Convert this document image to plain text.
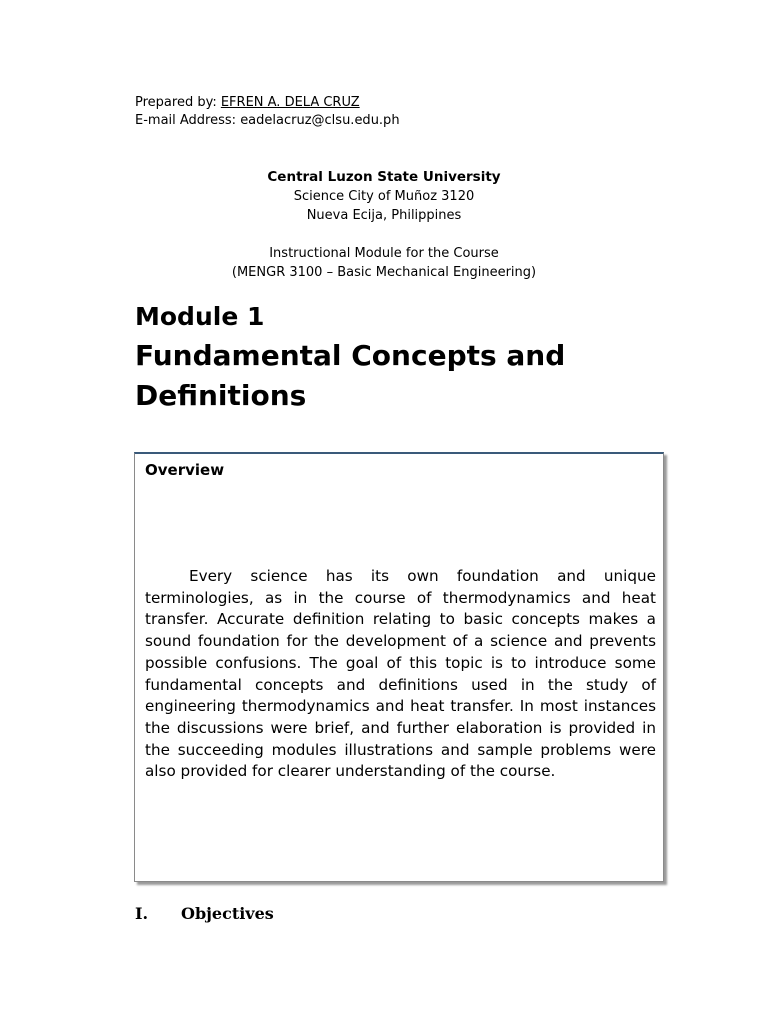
Prepared by: EFREN A. DELA CRUZ
E-mail Address: eadelacruz@clsu.edu.ph
Central Luzon State University
Science City of Muñoz 3120
Nueva Ecija, Philippines
Instructional Module for the Course
(MENGR 3100 – Basic Mechanical Engineering)
Module 1
Fundamental Concepts and Definitions
Overview
Every science has its own foundation and unique terminologies, as in the course of thermodynamics and heat transfer. Accurate definition relating to basic concepts makes a sound foundation for the development of a science and prevents possible confusions. The goal of this topic is to introduce some fundamental concepts and definitions used in the study of engineering thermodynamics and heat transfer. In most instances the discussions were brief, and further elaboration is provided in the succeeding modules illustrations and sample problems were also provided for clearer understanding of the course.
I. Objectives
